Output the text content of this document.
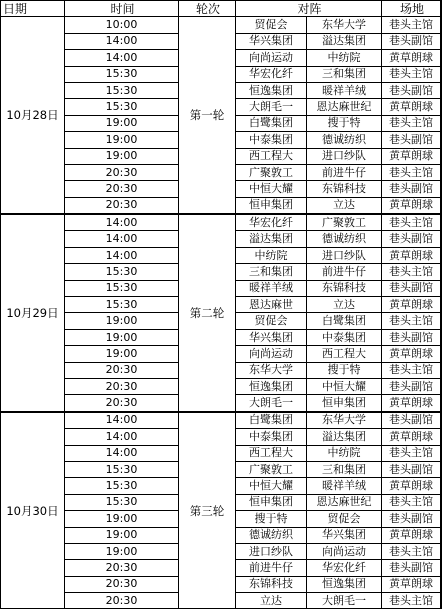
日期	时间	轮次	对阵		场地	
10月28日	10:00	第一轮	贸促会	东华大学	巷头主馆	
	14:00		华兴集团	溢达集团	巷头副馆	
	14:00		向尚运动	中纺院	黄草朗球	
	15:30		华宏化纤	三和集团	巷头主馆	
	15:30		恒逸集团	暖祥羊绒	巷头副馆	
	15:30		大朗毛一	恩达麻世纪	黄草朗球	
	19:00		白鹭集团	搜于特	巷头主馆	
	19:00		中泰集团	德诚纺织	巷头副馆	
	19:00		西工程大	进口纱队	黄草朗球	
	20:30		广聚敦工	前进牛仔	巷头主馆	
	20:30		中恒大耀	东锦科技	巷头副馆	
	20:30		恒申集团	立达	黄草朗球	
10月29日	14:00	第二轮	华宏化纤	广聚敦工	巷头主馆	
	14:00		溢达集团	德诚纺织	巷头副馆	
	14:00		中纺院	进口纱队	黄草朗球	
	15:30		三和集团	前进牛仔	巷头主馆	
	15:30		暖祥羊绒	东锦科技	巷头副馆	
	15:30		恩达麻世	立达	黄草朗球	
	19:00		贸促会	白鹭集团	巷头主馆	
	19:00		华兴集团	中泰集团	巷头副馆	
	19:00		向尚运动	西工程大	黄草朗球	
	20:30		东华大学	搜于特	巷头主馆	
	20:30		恒逸集团	中恒大耀	巷头副馆	
	20:30		大朗毛一	恒申集团	黄草朗球	
10月30日	14:00	第三轮	白鹭集团	东华大学	巷头副馆	
	14:00		中泰集团	溢达集团	黄草朗球	
	14:00		西工程大	中纺院	巷头主馆	
	15:30		广聚敦工	三和集团	巷头副馆	
	15:30		中恒大耀	暖祥羊绒	黄草朗球	
	15:30		恒申集团	恩达麻世纪	巷头主馆	
	19:00		搜于特	贸促会	巷头副馆	
	19:00		德诚纺织	华兴集团	黄草朗球	
	19:00		进口纱队	向尚运动	巷头主馆	
	20:30		前进牛仔	华宏化纤	巷头副馆	
	20:30		东锦科技	恒逸集团	黄草朗球	
	20:30		立达	大朗毛一	巷头主馆	
